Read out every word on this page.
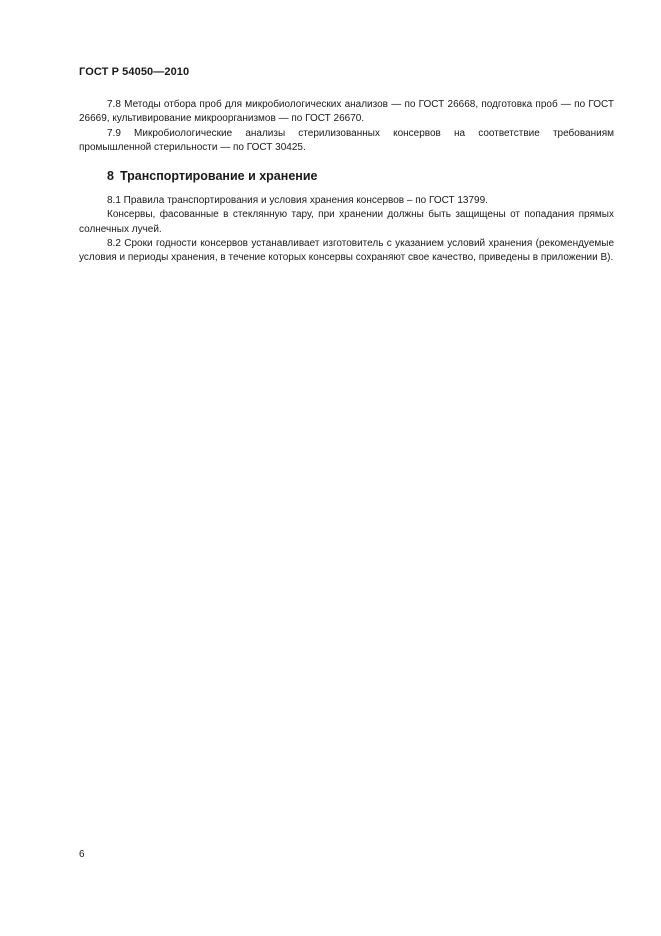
ГОСТ Р 54050—2010

7.8 Методы отбора проб для микробиологических анализов — по ГОСТ 26668, подготовка проб — по ГОСТ 26669, культивирование микроорганизмов — по ГОСТ 26670.

7.9 Микробиологические анализы стерилизованных консервов на соответствие требованиям промышленной стерильности — по ГОСТ 30425.

8 Транспортирование и хранение

8.1 Правила транспортирования и условия хранения консервов – по ГОСТ 13799.

Консервы, фасованные в стеклянную тару, при хранении должны быть защищены от попадания прямых солнечных лучей.

8.2 Сроки годности консервов устанавливает изготовитель с указанием условий хранения (рекомендуемые условия и периоды хранения, в течение которых консервы сохраняют свое качество, приведены в приложении В).

6
